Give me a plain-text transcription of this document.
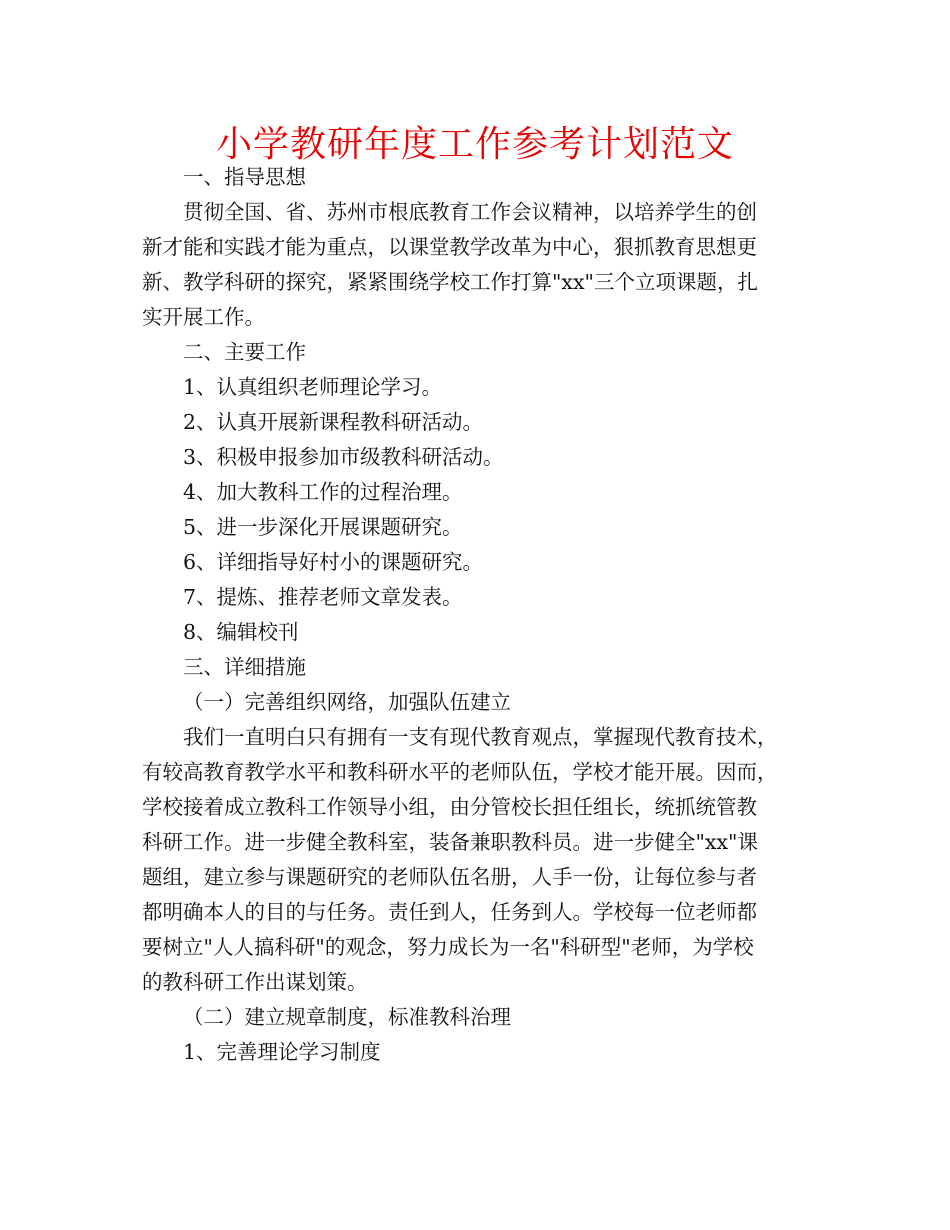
小学教研年度工作参考计划范文
一、指导思想
贯彻全国、省、苏州市根底教育工作会议精神，以培养学生的创
新才能和实践才能为重点，以课堂教学改革为中心，狠抓教育思想更
新、教学科研的探究，紧紧围绕学校工作打算"xx"三个立项课题，扎
实开展工作。
二、主要工作
1、认真组织老师理论学习。
2、认真开展新课程教科研活动。
3、积极申报参加市级教科研活动。
4、加大教科工作的过程治理。
5、进一步深化开展课题研究。
6、详细指导好村小的课题研究。
7、提炼、推荐老师文章发表。
8、编辑校刊
三、详细措施
（一）完善组织网络，加强队伍建立
我们一直明白只有拥有一支有现代教育观点，掌握现代教育技术，
有较高教育教学水平和教科研水平的老师队伍，学校才能开展。因而，
学校接着成立教科工作领导小组，由分管校长担任组长，统抓统管教
科研工作。进一步健全教科室，装备兼职教科员。进一步健全"xx"课
题组，建立参与课题研究的老师队伍名册，人手一份，让每位参与者
都明确本人的目的与任务。责任到人，任务到人。学校每一位老师都
要树立"人人搞科研"的观念，努力成长为一名"科研型"老师，为学校
的教科研工作出谋划策。
（二）建立规章制度，标准教科治理
1、完善理论学习制度
